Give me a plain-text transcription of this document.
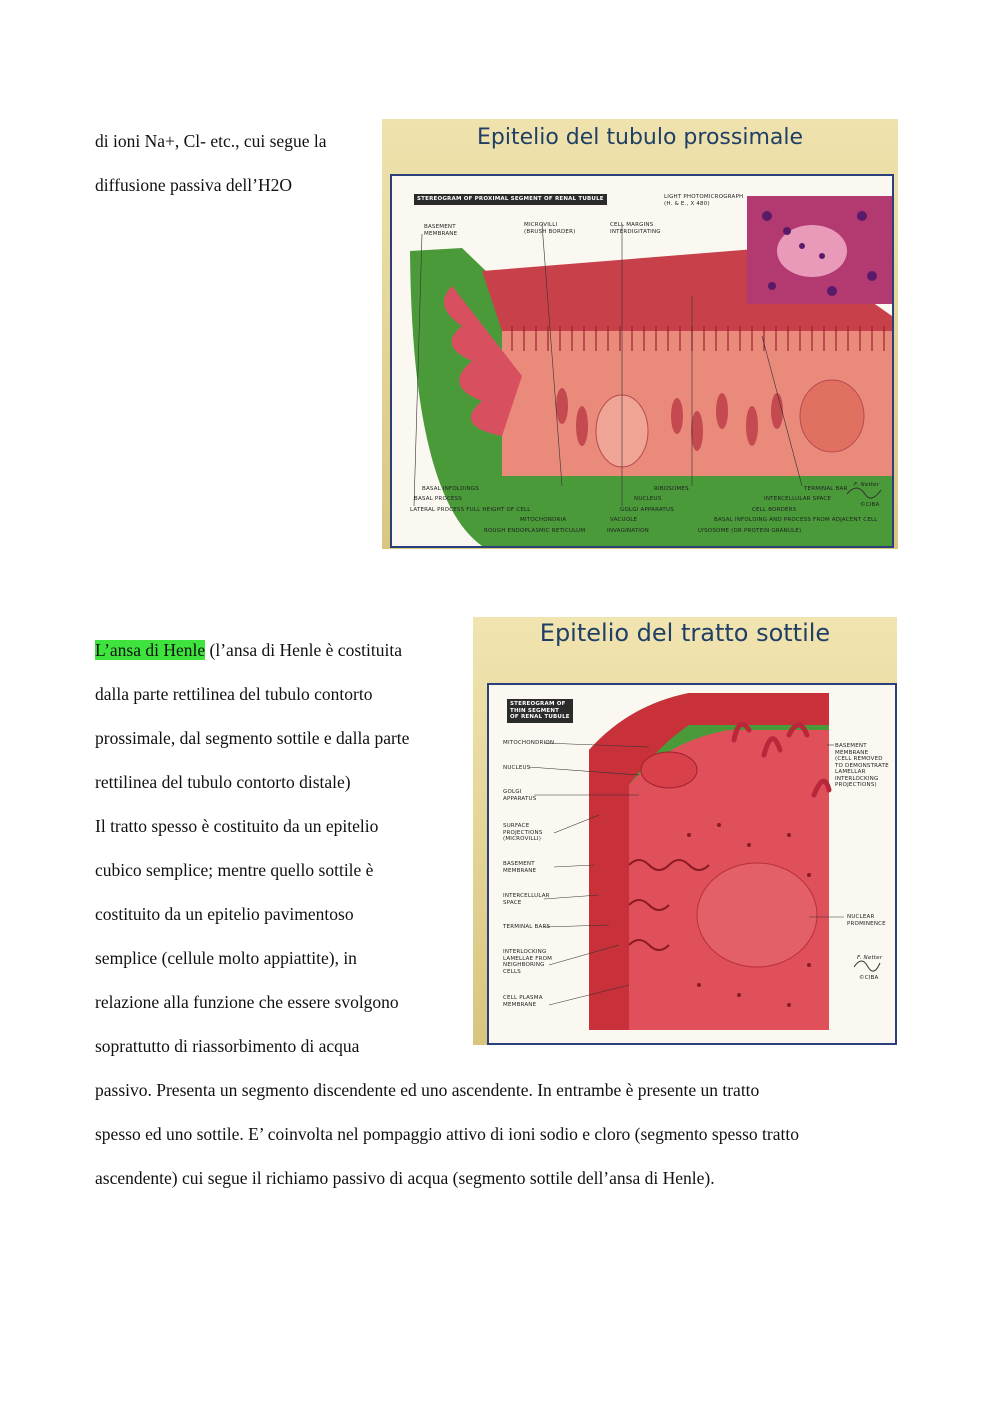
di ioni Na+, Cl- etc., cui segue la
diffusione passiva dell’H2O
Epitelio del tubulo prossimale
STEREOGRAM OF PROXIMAL SEGMENT OF RENAL TUBULE
BASEMENT
MEMBRANE
MICROVILLI
(BRUSH BORDER)
CELL MARGINS
INTERDIGITATING
LIGHT PHOTOMICROGRAPH
(H. & E., X 480)
BASAL INFOLDINGS
BASAL PROCESS
LATERAL PROCESS FULL HEIGHT OF CELL
MITOCHONDRIA
ROUGH ENDOPLASMIC RETICULUM
RIBOSOMES
NUCLEUS
GOLGI APPARATUS
VACUOLE
INVAGINATION
TERMINAL BAR
INTERCELLULAR SPACE
CELL BORDERS
BASAL INFOLDING AND PROCESS FROM ADJACENT CELL
LYSOSOME (OR PROTEIN GRANULE)
F. Netter
©CIBA
L’ansa di Henle (l’ansa di Henle è costituita
dalla parte rettilinea del tubulo contorto
prossimale, dal segmento sottile e dalla parte
rettilinea del tubulo contorto distale)
Il tratto spesso è costituito da un epitelio
cubico semplice; mentre quello sottile è
costituito da un epitelio pavimentoso
semplice (cellule molto appiattite), in
relazione alla funzione che essere svolgono
soprattutto di riassorbimento di acqua
Epitelio del tratto sottile
STEREOGRAM OF
THIN SEGMENT
OF RENAL TUBULE
MITOCHONDRION
NUCLEUS
GOLGI
APPARATUS
SURFACE
PROJECTIONS
(MICROVILLI)
BASEMENT
MEMBRANE
INTERCELLULAR
SPACE
TERMINAL BARS
INTERLOCKING
LAMELLAE FROM
NEIGHBORING
CELLS
CELL PLASMA
MEMBRANE
BASEMENT
MEMBRANE
(CELL REMOVED
TO DEMONSTRATE
LAMELLAR
INTERLOCKING
PROJECTIONS)
NUCLEAR
PROMINENCE
F. Netter
©CIBA
passivo. Presenta un segmento discendente ed uno ascendente. In entrambe è presente un tratto
spesso ed uno sottile. E’ coinvolta nel pompaggio attivo di ioni sodio e cloro (segmento spesso tratto
ascendente) cui segue il richiamo passivo di acqua (segmento sottile dell’ansa di Henle).
